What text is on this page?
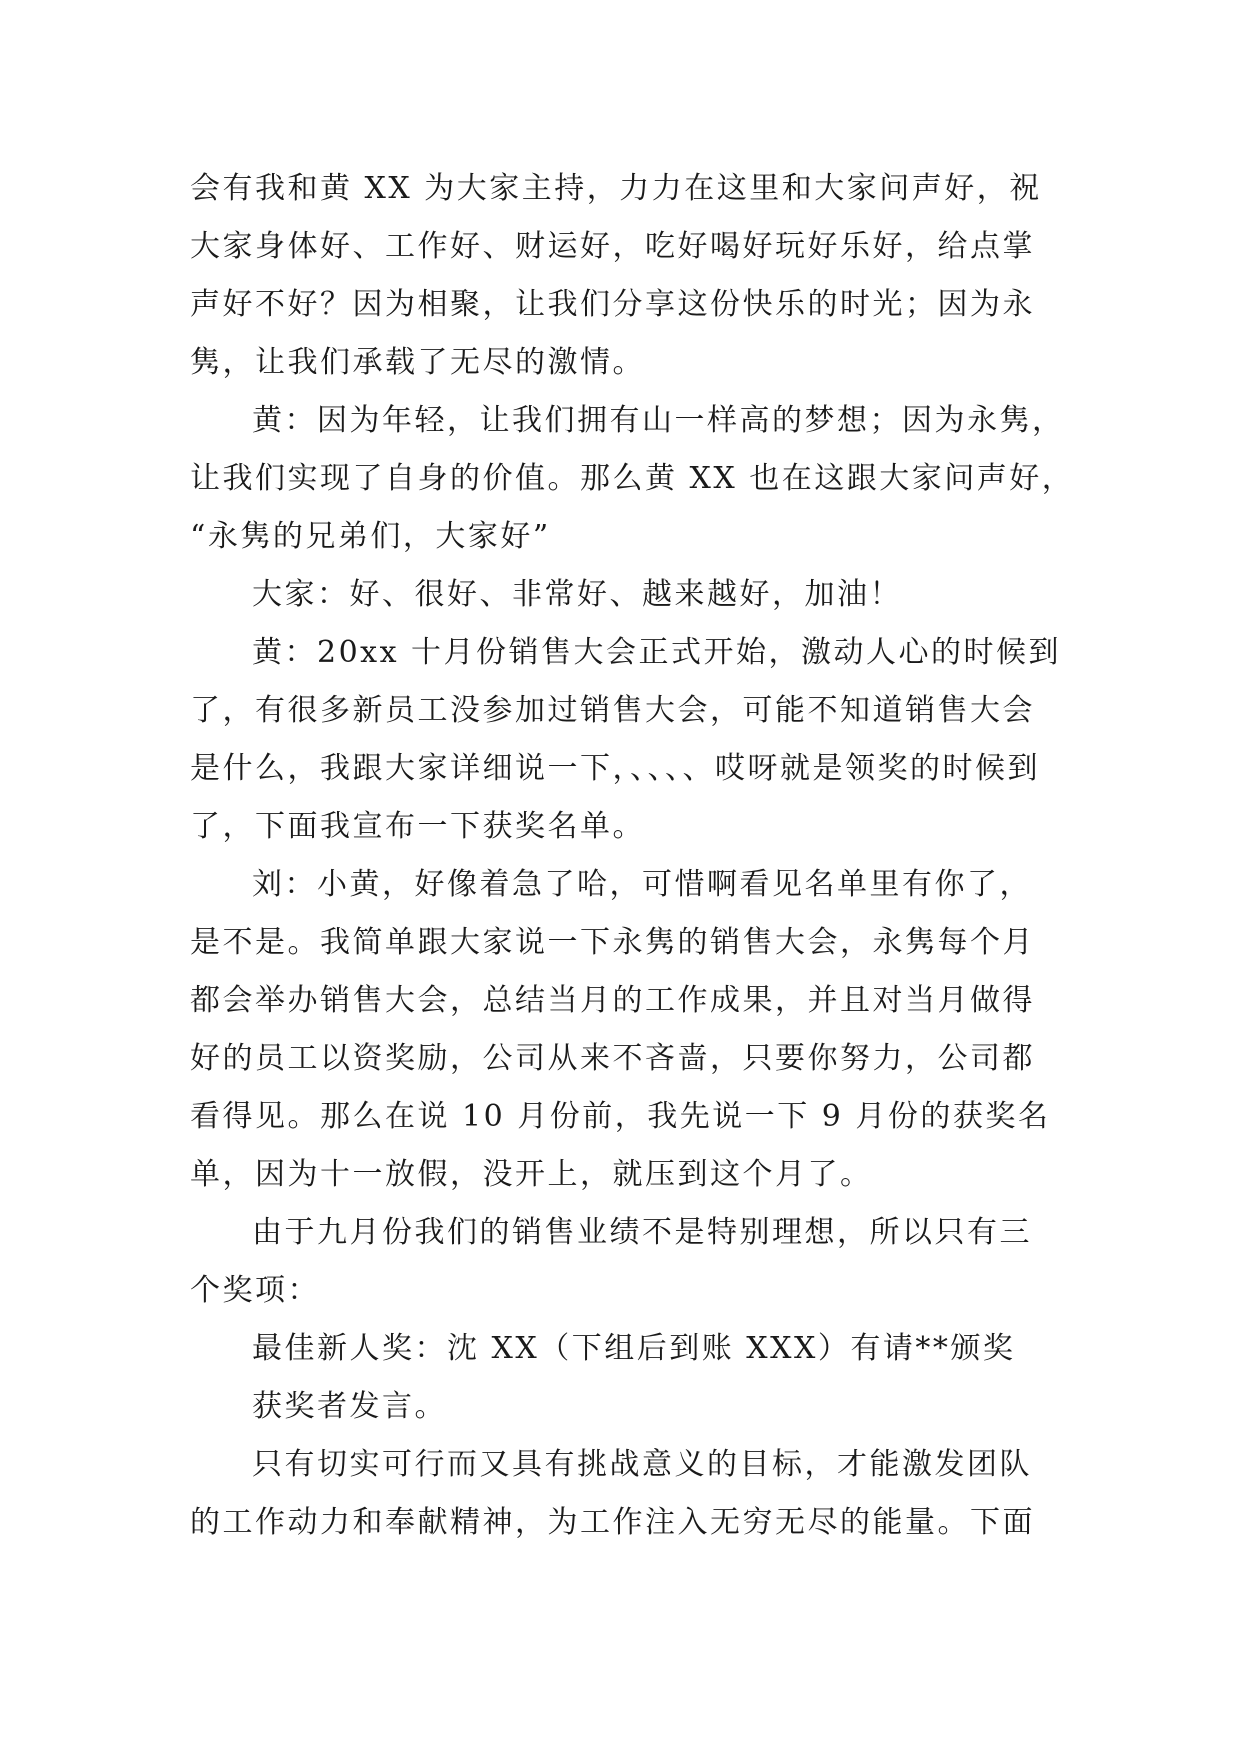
会有我和黄 XX 为大家主持，力力在这里和大家问声好，祝
大家身体好、工作好、财运好，吃好喝好玩好乐好，给点掌
声好不好？因为相聚，让我们分享这份快乐的时光；因为永
隽，让我们承载了无尽的激情。
黄：因为年轻，让我们拥有山一样高的梦想；因为永隽，
让我们实现了自身的价值。那么黄 XX 也在这跟大家问声好，
“永隽的兄弟们，大家好”
大家：好、很好、非常好、越来越好，加油！
黄：20xx 十月份销售大会正式开始，激动人心的时候到
了，有很多新员工没参加过销售大会，可能不知道销售大会
是什么，我跟大家详细说一下，、、、、哎呀就是领奖的时候到
了，下面我宣布一下获奖名单。
刘：小黄，好像着急了哈，可惜啊看见名单里有你了，
是不是。我简单跟大家说一下永隽的销售大会，永隽每个月
都会举办销售大会，总结当月的工作成果，并且对当月做得
好的员工以资奖励，公司从来不吝啬，只要你努力，公司都
看得见。那么在说 10 月份前，我先说一下 9 月份的获奖名
单，因为十一放假，没开上，就压到这个月了。
由于九月份我们的销售业绩不是特别理想，所以只有三
个奖项：
最佳新人奖：沈 XX（下组后到账 XXX）有请**颁奖
获奖者发言。
只有切实可行而又具有挑战意义的目标，才能激发团队
的工作动力和奉献精神，为工作注入无穷无尽的能量。下面
